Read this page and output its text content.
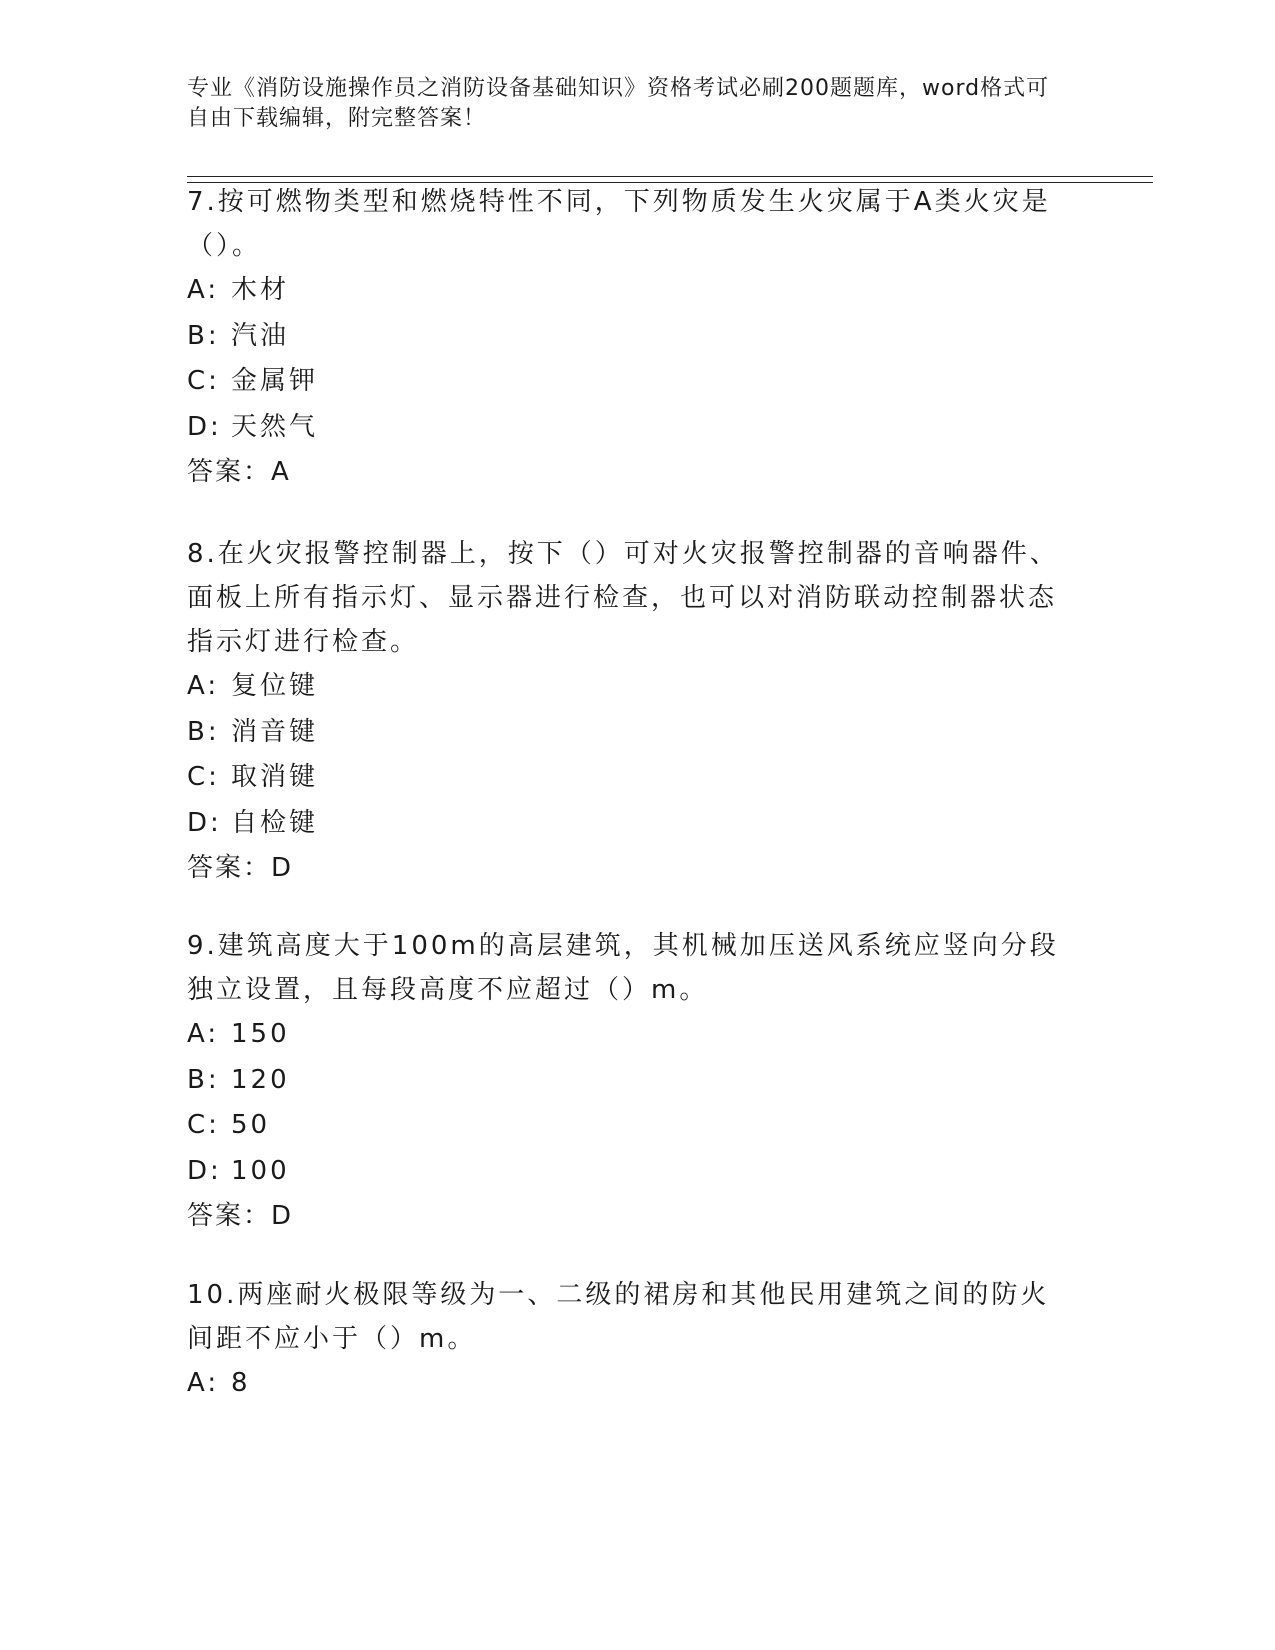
专业《消防设施操作员之消防设备基础知识》资格考试必刷200题题库，word格式可自由下载编辑，附完整答案！

7.按可燃物类型和燃烧特性不同，下列物质发生火灾属于A类火灾是（）。

A: 木材

B: 汽油

C: 金属钾

D: 天然气

答案：A

8.在火灾报警控制器上，按下（）可对火灾报警控制器的音响器件、面板上所有指示灯、显示器进行检查，也可以对消防联动控制器状态指示灯进行检查。

A: 复位键

B: 消音键

C: 取消键

D: 自检键

答案：D

9.建筑高度大于100m的高层建筑，其机械加压送风系统应竖向分段独立设置，且每段高度不应超过（）m。

A: 150

B: 120

C: 50

D: 100

答案：D

10.两座耐火极限等级为一、二级的裙房和其他民用建筑之间的防火间距不应小于（）m。

A: 8
